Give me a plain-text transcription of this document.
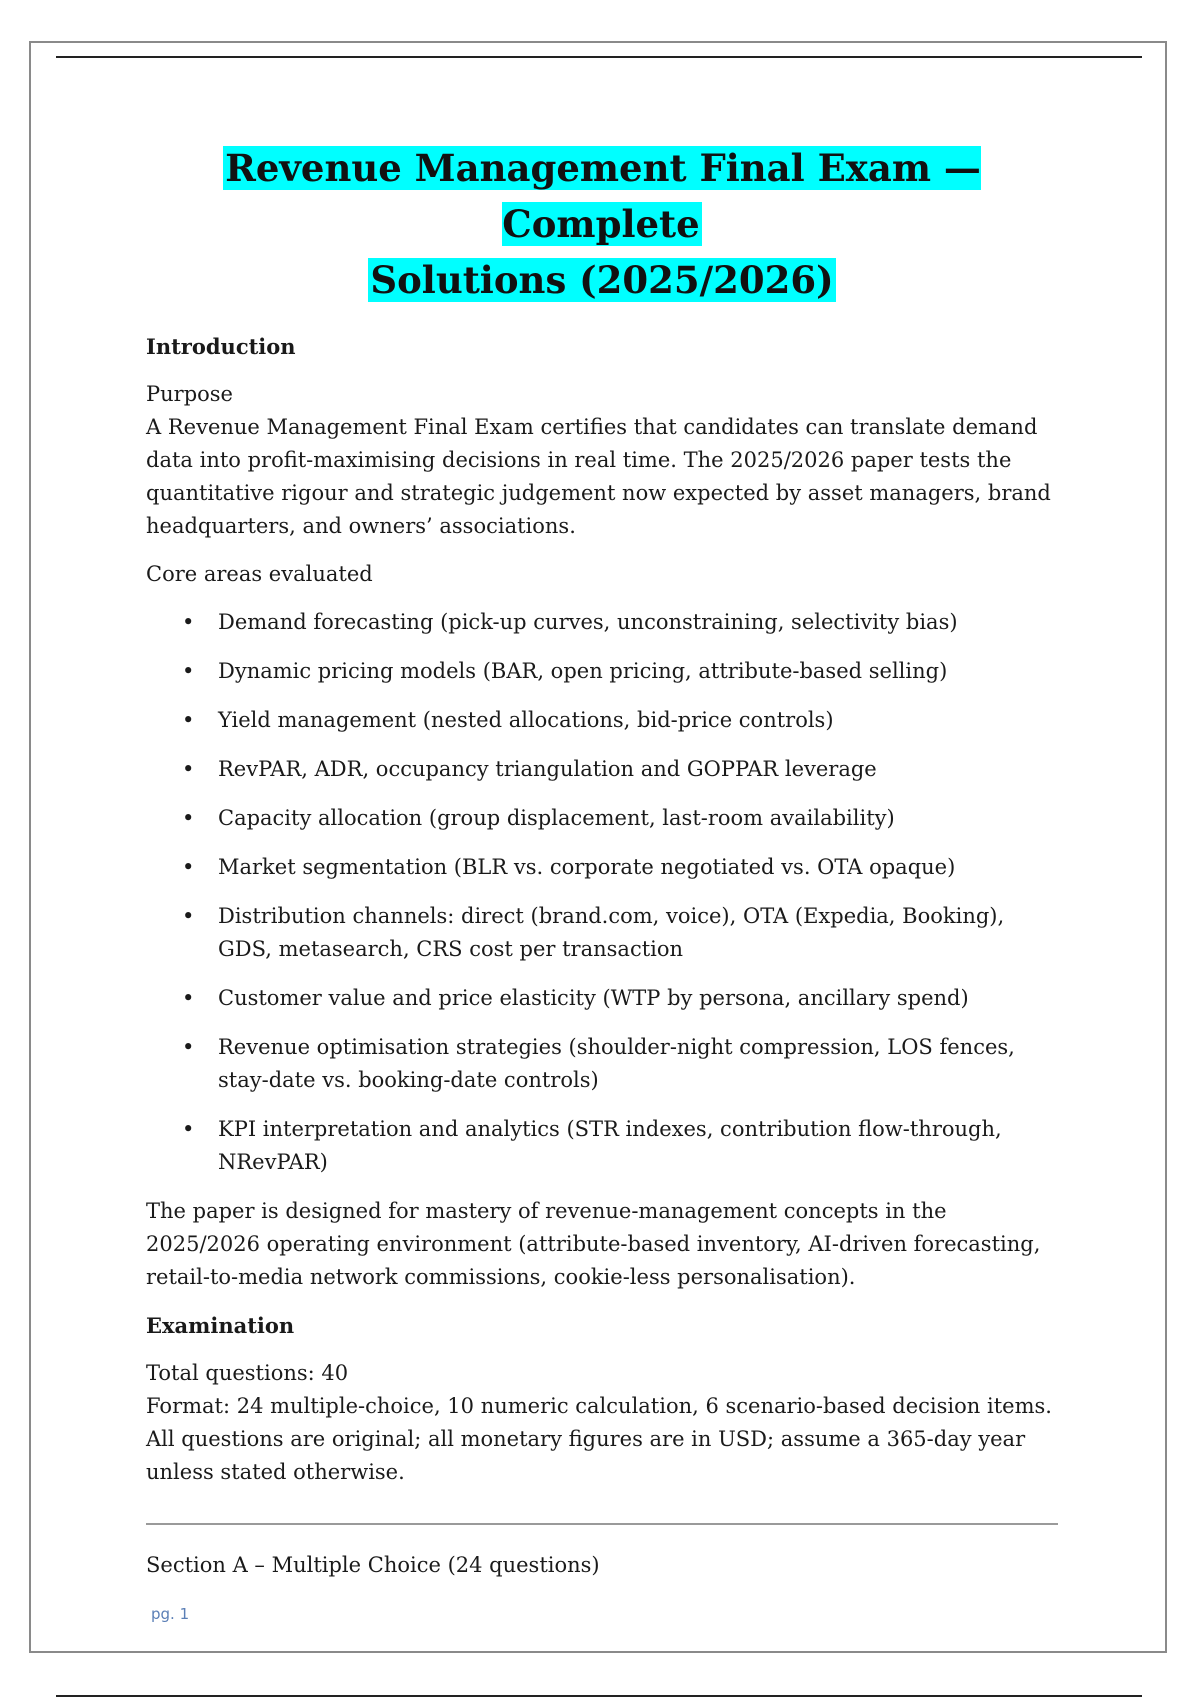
Revenue Management Final Exam — Complete
Solutions (2025/2026)
Introduction

Purpose
A Revenue Management Final Exam certifies that candidates can translate demand data into profit-maximising decisions in real time. The 2025/2026 paper tests the quantitative rigour and strategic judgement now expected by asset managers, brand headquarters, and owners’ associations.

Core areas evaluated

• Demand forecasting (pick-up curves, unconstraining, selectivity bias)
• Dynamic pricing models (BAR, open pricing, attribute-based selling)
• Yield management (nested allocations, bid-price controls)
• RevPAR, ADR, occupancy triangulation and GOPPAR leverage
• Capacity allocation (group displacement, last-room availability)
• Market segmentation (BLR vs. corporate negotiated vs. OTA opaque)
• Distribution channels: direct (brand.com, voice), OTA (Expedia, Booking), GDS, metasearch, CRS cost per transaction
• Customer value and price elasticity (WTP by persona, ancillary spend)
• Revenue optimisation strategies (shoulder-night compression, LOS fences, stay-date vs. booking-date controls)
• KPI interpretation and analytics (STR indexes, contribution flow-through, NRevPAR)

The paper is designed for mastery of revenue-management concepts in the 2025/2026 operating environment (attribute-based inventory, AI-driven forecasting, retail-to-media network commissions, cookie-less personalisation).

Examination

Total questions: 40
Format: 24 multiple-choice, 10 numeric calculation, 6 scenario-based decision items.
All questions are original; all monetary figures are in USD; assume a 365-day year unless stated otherwise.

Section A – Multiple Choice (24 questions)

pg. 1
